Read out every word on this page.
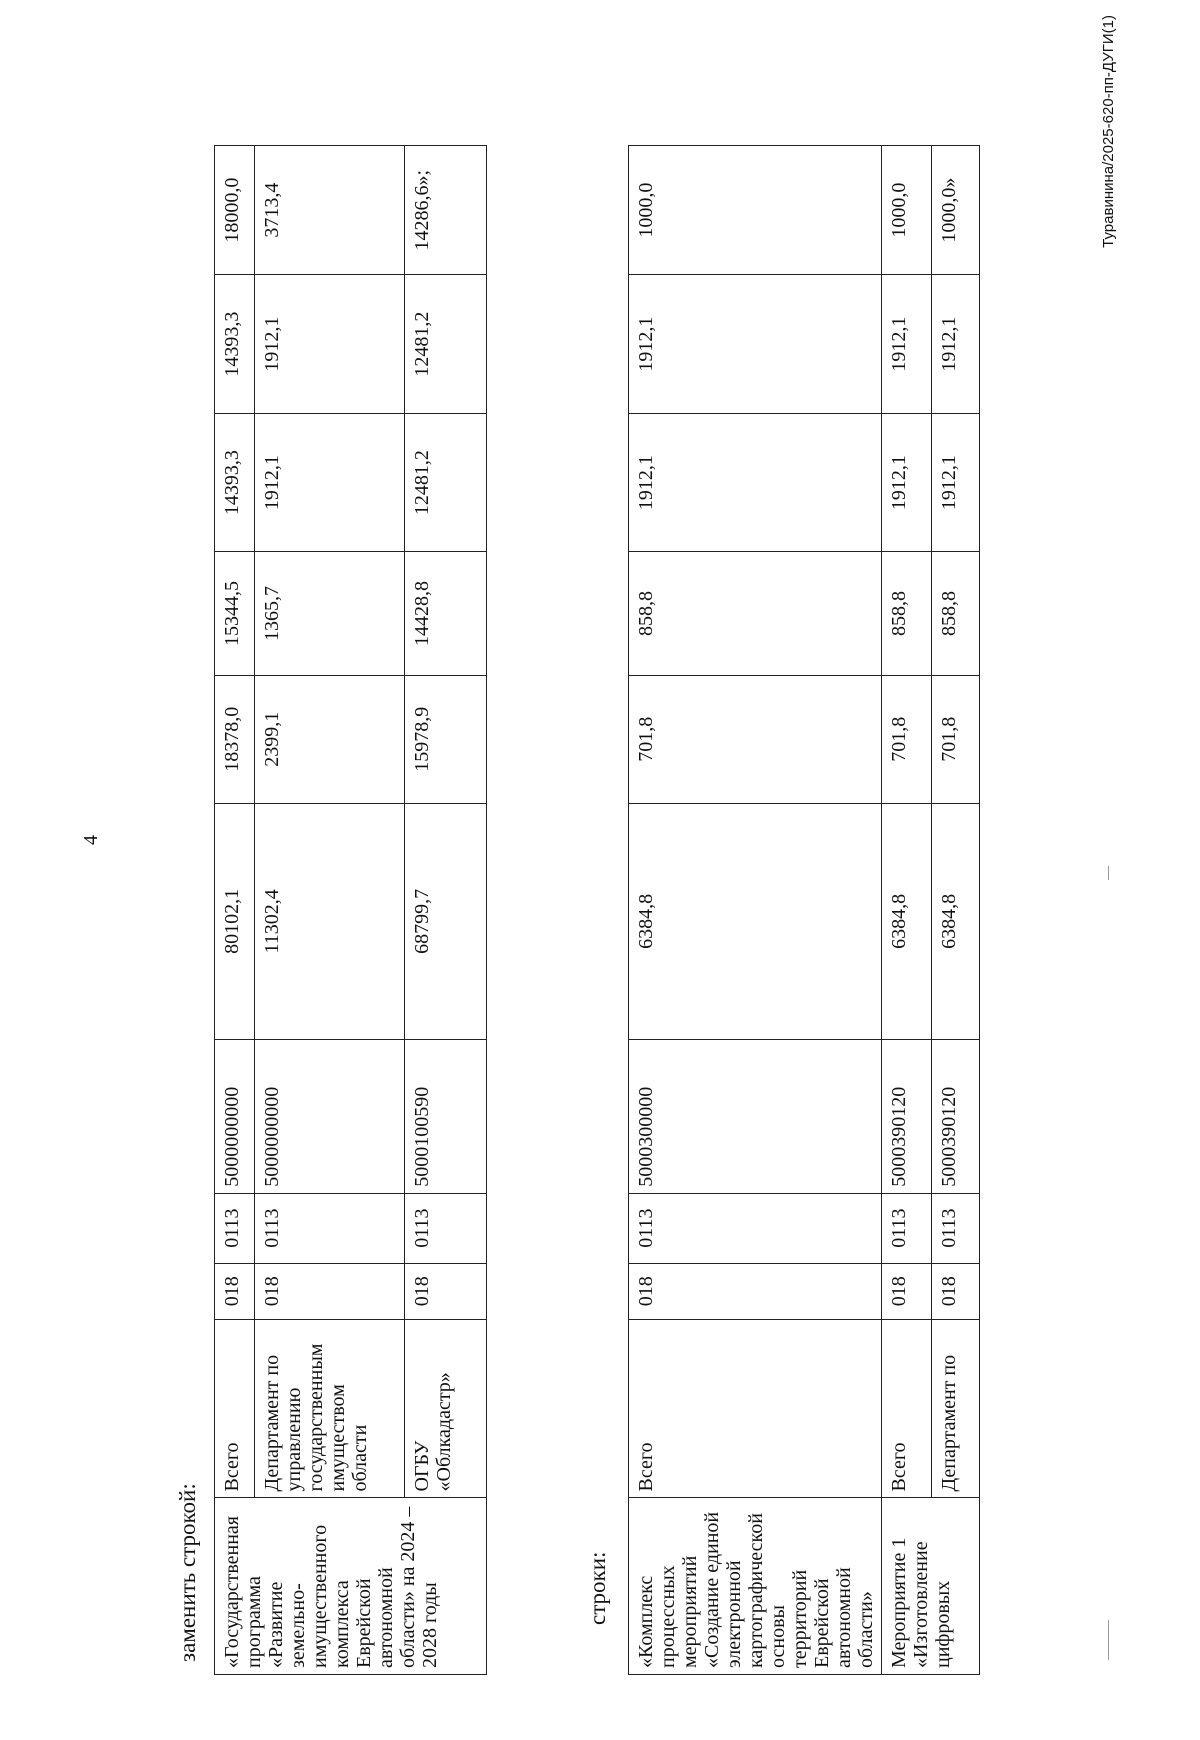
4
заменить строкой: «Государственная программа «Развитие земельно-имущественного комплекса Еврейской автономной области» на 2024 – 2028 годы	Всего	018	0113	5000000000	80102,1	18378,0	15344,5	14393,3	14393,3	18000,0
	Департамент по управлению государственным имуществом области	018	0113	5000000000	11302,4	2399,1	1365,7	1912,1	1912,1	3713,4
	ОГБУ «Облкадастр»	018	0113	5000100590	68799,7	15978,9	14428,8	12481,2	12481,2	14286,6»;
строки: «Комплекс процессных мероприятий «Создание единой электронной картографической основы территорий Еврейской автономной области»	Всего	018	0113	5000300000	6384,8	701,8	858,8	1912,1	1912,1	1000,0
Мероприятие 1 «Изготовление цифровых	Всего	018	0113	5000390120	6384,8	701,8	858,8	1912,1	1912,1	1000,0
	Департамент по	018	0113	5000390120	6384,8	701,8	858,8	1912,1	1912,1	1000,0»	Туравинина/2025-620-пп-ДУГИ(1)
